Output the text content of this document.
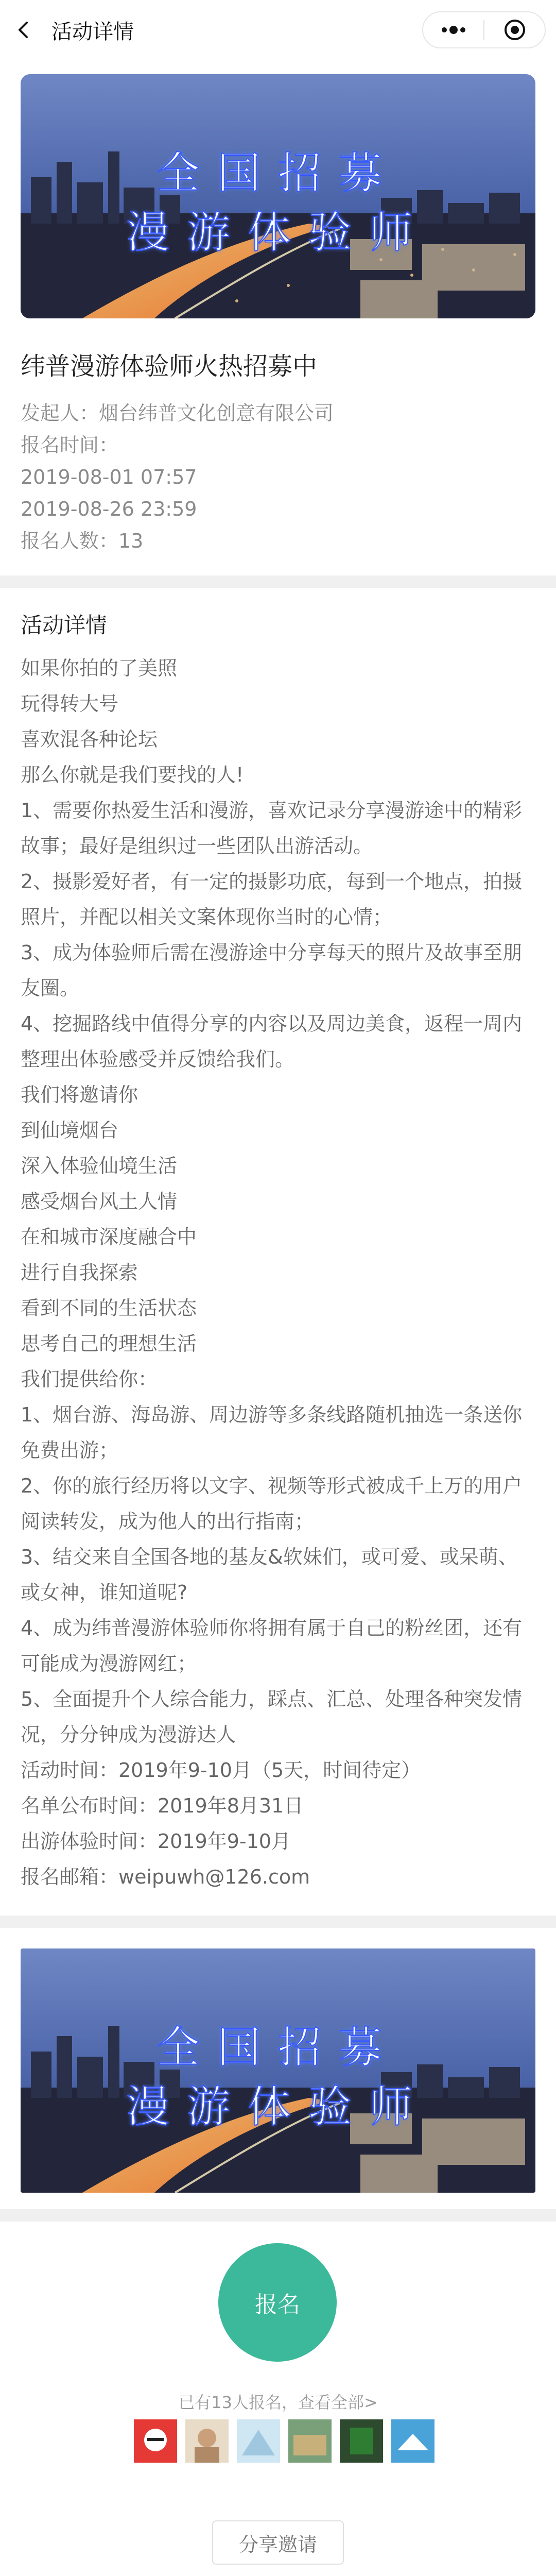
活动详情
全国招募
漫游体验师
纬普漫游体验师火热招募中
发起人：烟台纬普文化创意有限公司
报名时间：
2019-08-01 07:57
2019-08-26 23:59
报名人数：13
活动详情
如果你拍的了美照
玩得转大号
喜欢混各种论坛
那么你就是我们要找的人!
1、需要你热爱生活和漫游，喜欢记录分享漫游途中的精彩故事；最好是组织过一些团队出游活动。
2、摄影爱好者，有一定的摄影功底，每到一个地点，拍摄照片，并配以相关文案体现你当时的心情；
3、成为体验师后需在漫游途中分享每天的照片及故事至朋友圈。
4、挖掘路线中值得分享的内容以及周边美食，返程一周内整理出体验感受并反馈给我们。
我们将邀请你
到仙境烟台
深入体验仙境生活
感受烟台风土人情
在和城市深度融合中
进行自我探索
看到不同的生活状态
思考自己的理想生活
我们提供给你：
1、烟台游、海岛游、周边游等多条线路随机抽选一条送你免费出游；
2、你的旅行经历将以文字、视频等形式被成千上万的用户阅读转发，成为他人的出行指南；
3、结交来自全国各地的基友&软妹们，或可爱、或呆萌、或女神，谁知道呢?
4、成为纬普漫游体验师你将拥有属于自己的粉丝团，还有可能成为漫游网红；
5、全面提升个人综合能力，踩点、汇总、处理各种突发情况，分分钟成为漫游达人
活动时间：2019年9-10月（5天，时间待定）
名单公布时间：2019年8月31日
出游体验时间：2019年9-10月
报名邮箱：weipuwh@126.com
全国招募
漫游体验师
报名
已有13人报名，查看全部>
分享邀请
